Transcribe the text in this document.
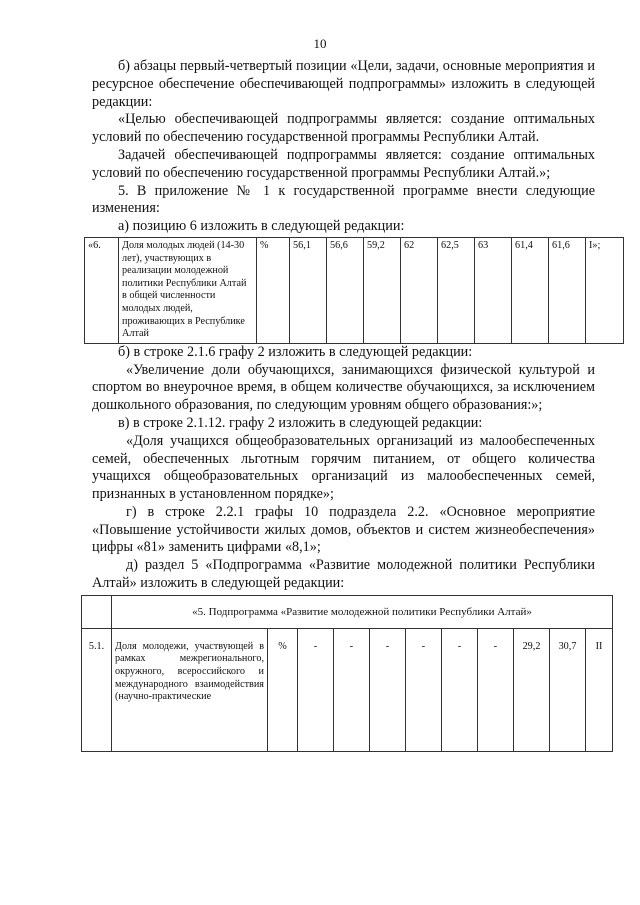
10

б) абзацы первый-четвертый позиции «Цели, задачи, основные мероприятия и ресурсное обеспечение обеспечивающей подпрограммы» изложить в следующей редакции:

«Целью обеспечивающей подпрограммы является: создание оптимальных условий по обеспечению государственной программы Республики Алтай.

Задачей обеспечивающей подпрограммы является: создание оптимальных условий по обеспечению государственной программы Республики Алтай.»;

5. В приложение № 1 к государственной программе внести следующие изменения:

а) позицию 6 изложить в следующей редакции:

«6.	Доля молодых людей (14-30 лет), участвующих в реализации молодежной политики Республики Алтай в общей численности молодых людей, проживающих в Республике Алтай	%	56,1	56,6	59,2	62	62,5	63	61,4	61,6	I»;

б) в строке 2.1.6 графу 2 изложить в следующей редакции:

«Увеличение доли обучающихся, занимающихся физической культурой и спортом во внеурочное время, в общем количестве обучающихся, за исключением дошкольного образования, по следующим уровням общего образования:»;

в) в строке 2.1.12. графу 2 изложить в следующей редакции:

«Доля учащихся общеобразовательных организаций из малообеспеченных семей, обеспеченных льготным горячим питанием, от общего количества учащихся общеобразовательных организаций из малообеспеченных семей, признанных в установленном порядке»;

г) в строке 2.2.1 графы 10 подраздела 2.2. «Основное мероприятие «Повышение устойчивости жилых домов, объектов и систем жизнеобеспечения» цифры «81» заменить цифрами «8,1»;

д) раздел 5 «Подпрограмма «Развитие молодежной политики Республики Алтай» изложить в следующей редакции:

	«5. Подпрограмма «Развитие молодежной политики Республики Алтай»										
5.1.	Доля молодежи, участвующей в рамках межрегионального, окружного, всероссийского и международного взаимодействия (научно-практические	%	-	-	-	-	-	-	29,2	30,7	II
